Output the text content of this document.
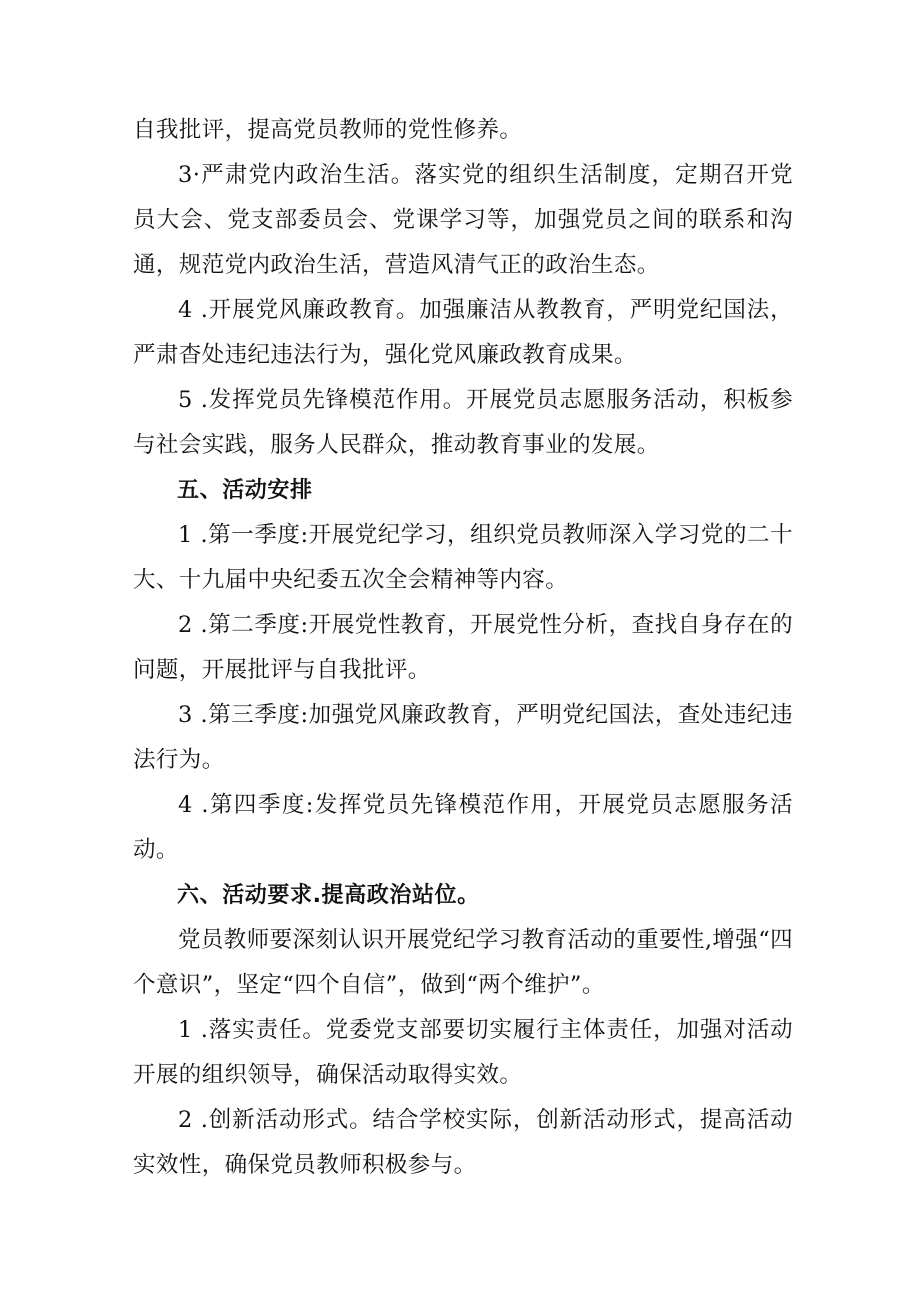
自我批评，提高党员教师的党性修养。

3·严肃党内政治生活。落实党的组织生活制度，定期召开党员大会、党支部委员会、党课学习等，加强党员之间的联系和沟通，规范党内政治生活，营造风清气正的政治生态。

4 .开展党风廉政教育。加强廉洁从教教育，严明党纪国法，严肃杳处违纪违法行为，强化党风廉政教育成果。

5 .发挥党员先锋模范作用。开展党员志愿服务活动，积板参与社会实践，服务人民群众，推动教育事业的发展。

五、活动安排

1 .第一季度:开展党纪学习，组织党员教师深入学习党的二十大、十九届中央纪委五次全会精神等内容。

2 .第二季度:开展党性教育，开展党性分析，查找自身存在的问题，开展批评与自我批评。

3 .第三季度:加强党风廉政教育，严明党纪国法，查处违纪违法行为。

4 .第四季度:发挥党员先锋模范作用，开展党员志愿服务活动。

六、活动要求.提高政治站位。

党员教师要深刻认识开展党纪学习教育活动的重要性,增强“四个意识”，坚定“四个自信”，做到“两个维护”。

1 .落实责任。党委党支部要切实履行主体责任，加强对活动开展的组织领导，确保活动取得实效。

2 .创新活动形式。结合学校实际，创新活动形式，提高活动实效性，确保党员教师积极参与。
